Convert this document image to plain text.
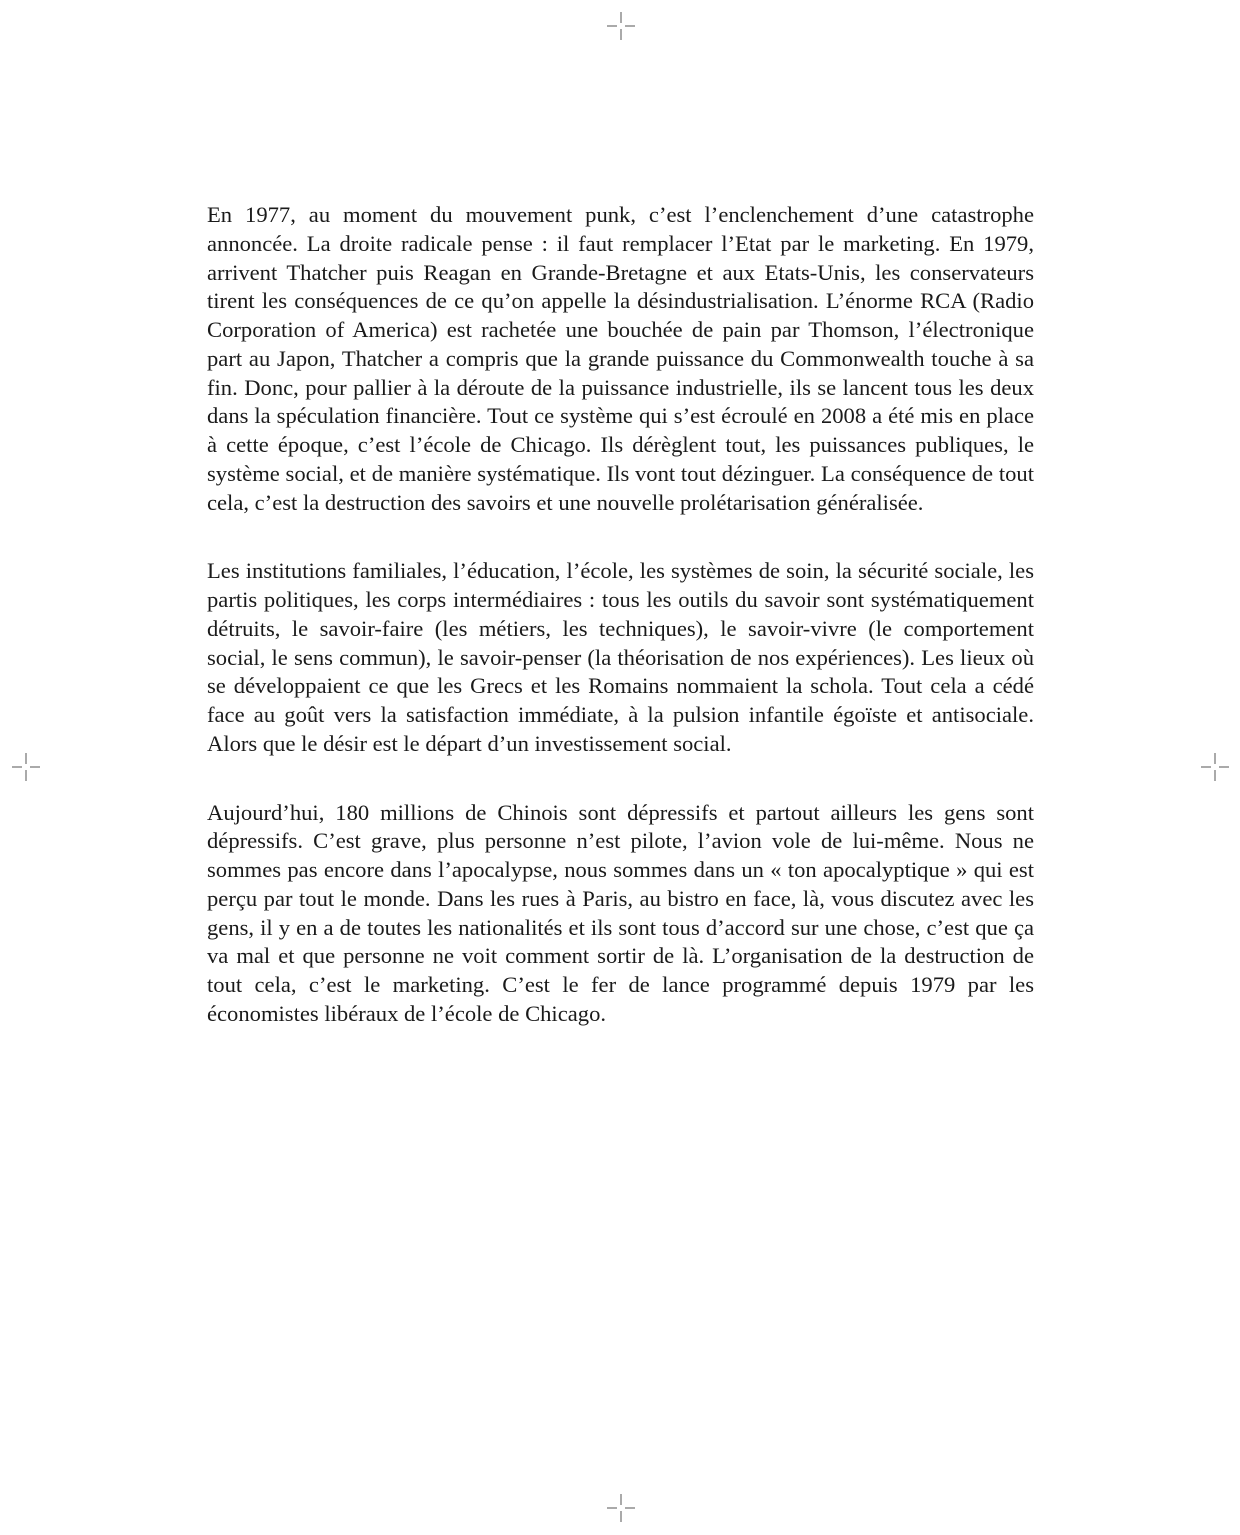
En 1977, au moment du mouvement punk, c’est l’enclenchement d’une catastrophe annoncée. La droite radicale pense : il faut remplacer l’Etat par le marketing. En 1979, arrivent Thatcher puis Reagan en Grande-Bretagne et aux Etats-Unis, les conservateurs tirent les conséquences de ce qu’on appelle la désindustrialisation. L’énorme RCA (Radio Corporation of America) est rachetée une bouchée de pain par Thomson, l’électronique part au Japon, Thatcher a compris que la grande puissance du Commonwealth touche à sa fin. Donc, pour pallier à la déroute de la puissance industrielle, ils se lancent tous les deux dans la spéculation financière. Tout ce système qui s’est écroulé en 2008 a été mis en place à cette époque, c’est l’école de Chicago. Ils dérèglent tout, les puissances publiques, le système social, et de manière systématique. Ils vont tout dézinguer. La conséquence de tout cela, c’est la destruction des savoirs et une nouvelle prolétarisation généralisée.

Les institutions familiales, l’éducation, l’école, les systèmes de soin, la sécurité sociale, les partis politiques, les corps intermédiaires : tous les outils du savoir sont systématiquement détruits, le savoir-faire (les métiers, les techniques), le savoir-vivre (le comportement social, le sens commun), le savoir-penser (la théorisation de nos expériences). Les lieux où se développaient ce que les Grecs et les Romains nommaient la schola. Tout cela a cédé face au goût vers la satisfaction immédiate, à la pulsion infantile égoïste et antisociale. Alors que le désir est le départ d’un investissement social.

Aujourd’hui, 180 millions de Chinois sont dépressifs et partout ailleurs les gens sont dépressifs. C’est grave, plus personne n’est pilote, l’avion vole de lui-même. Nous ne sommes pas encore dans l’apocalypse, nous sommes dans un « ton apocalyptique » qui est perçu par tout le monde. Dans les rues à Paris, au bistro en face, là, vous discutez avec les gens, il y en a de toutes les nationalités et ils sont tous d’accord sur une chose, c’est que ça va mal et que personne ne voit comment sortir de là. L’organisation de la destruction de tout cela, c’est le marketing. C’est le fer de lance programmé depuis 1979 par les économistes libéraux de l’école de Chicago.
